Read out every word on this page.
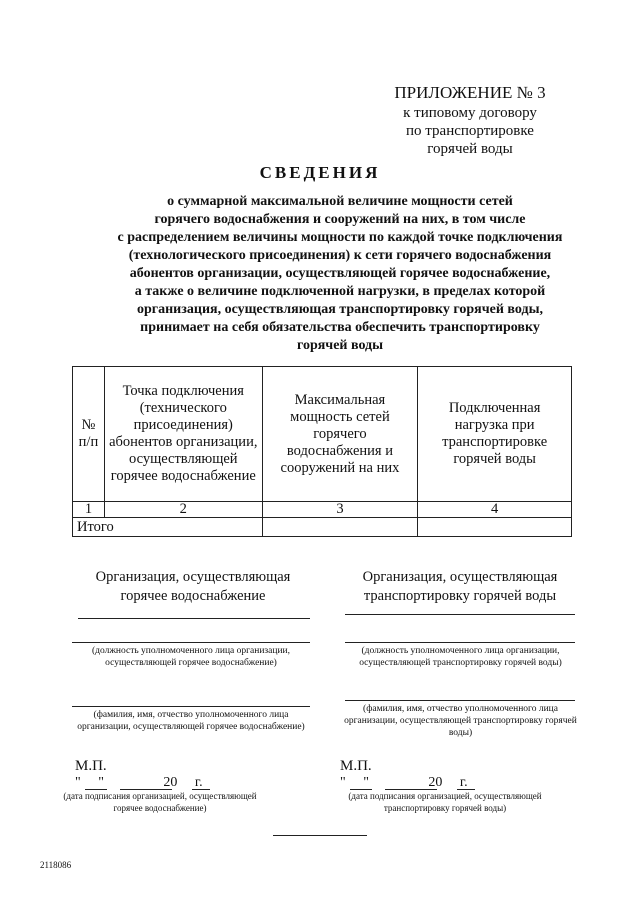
ПРИЛОЖЕНИЕ № 3
к типовому договору
по транспортировке
горячей воды
СВЕДЕНИЯ
о суммарной максимальной величине мощности сетей
горячего водоснабжения и сооружений на них, в том числе
с распределением величины мощности по каждой точке подключения
(технологического присоединения) к сети горячего водоснабжения
абонентов организации, осуществляющей горячее водоснабжение,
а также о величине подключенной нагрузки, в пределах которой
организация, осуществляющая транспортировку горячей воды,
принимает на себя обязательства обеспечить транспортировку
горячей воды
№ п/п	Точка подключения (технического присоединения) абонентов организации, осуществляющей горячее водоснабжение	Максимальная мощность сетей горячего водоснабжения и сооружений на них	Подключенная нагрузка при транспортировке горячей воды
1	2	3	4
Итого			
Организация, осуществляющая
горячее водоснабжение
(должность уполномоченного лица организации, осуществляющей горячее водоснабжение)
(фамилия, имя, отчество уполномоченного лица организации, осуществляющей горячее водоснабжение)
М.П.
"     "                 20     г.
(дата подписания организацией, осуществляющей горячее водоснабжение)
Организация, осуществляющая
транспортировку горячей воды
(должность уполномоченного лица организации, осуществляющей транспортировку горячей воды)
(фамилия, имя, отчество уполномоченного лица организации, осуществляющей транспортировку горячей воды)
М.П.
"     "                 20     г.
(дата подписания организацией, осуществляющей транспортировку горячей воды)
2118086
